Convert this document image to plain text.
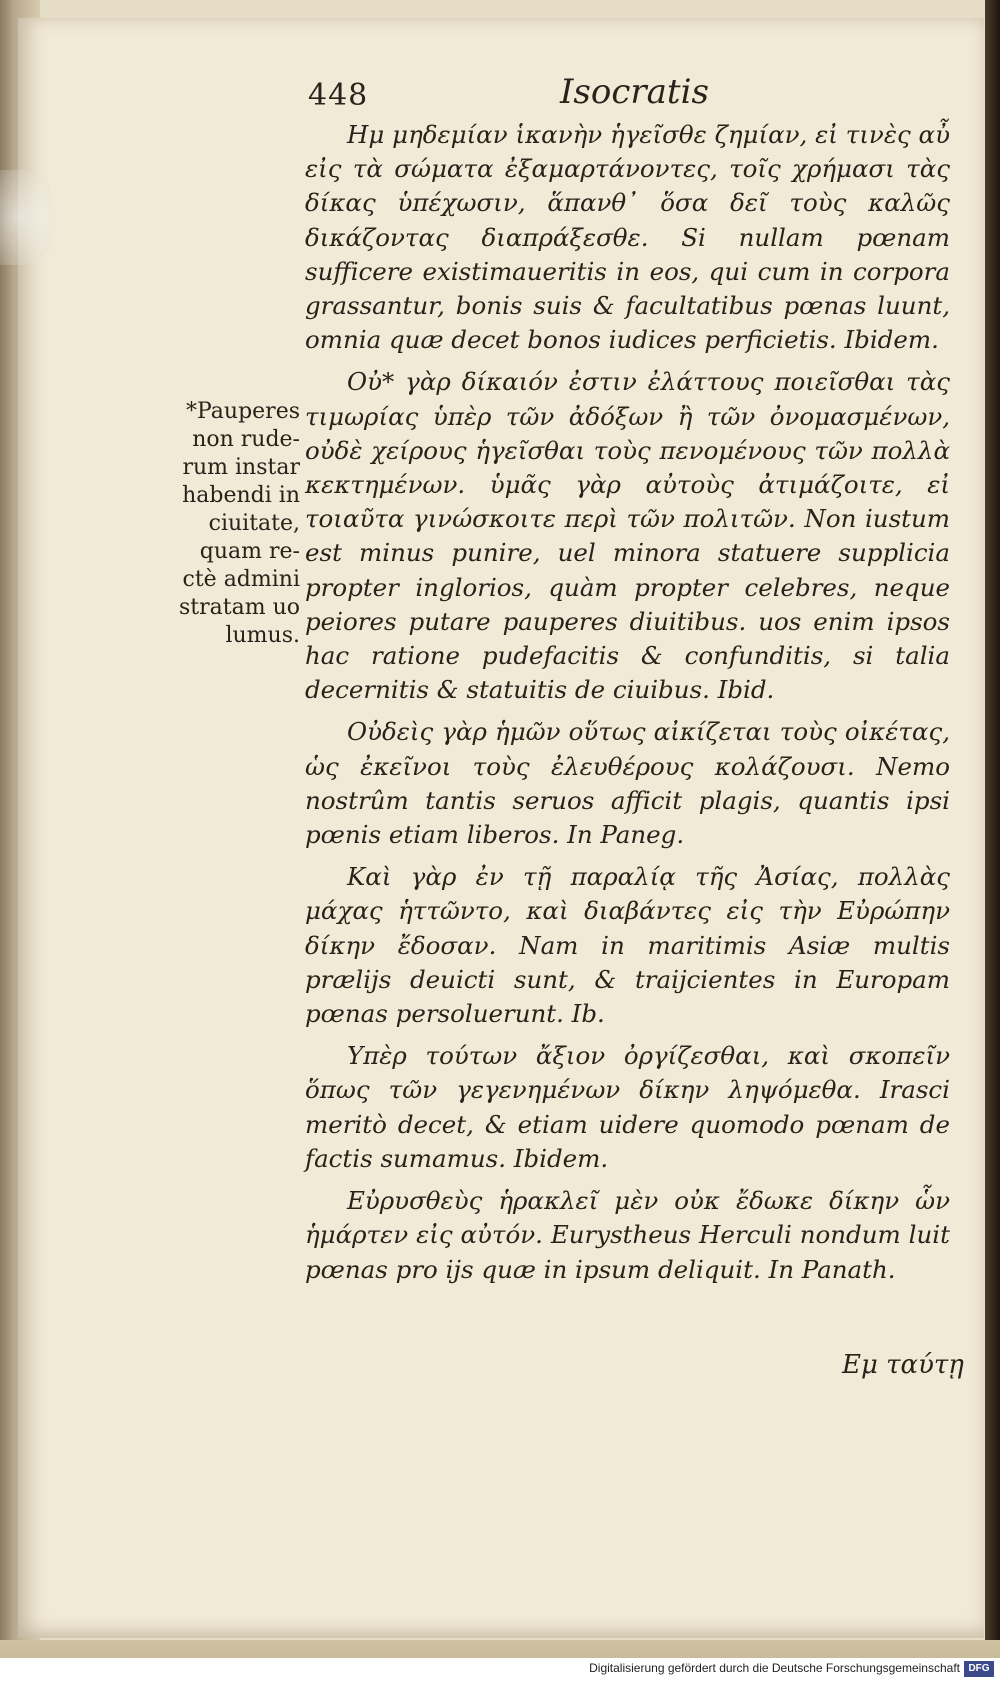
448	Isocratis
*Pauperes
non rude-
rum instar
habendi in
ciuitate,
quam re-
ctè admini
stratam uo
lumus.

Ημ μηδεμίαν ἱκανὴν ἡγεῖσθε ζημίαν, εἰ τινὲς αὖ εἰς τὰ σώματα ἐξαμαρτάνοντες, τοῖς χρήμασι τὰς δίκας ὑπέχωσιν, ἅπανθ᾽ ὅσα δεῖ τοὺς καλῶς δικάζοντας διαπράξεσθε. Si nullam pœnam sufficere existimaueritis in eos, qui cum in corpora grassantur, bonis suis & facultatibus pœnas luunt, omnia quæ decet bonos iudices perficietis. Ibidem.

Οὐ* γὰρ δίκαιόν ἐστιν ἐλάττους ποιεῖσθαι τὰς τιμωρίας ὑπὲρ τῶν ἀδόξων ἢ τῶν ὀνομασμένων, οὐδὲ χείρους ἡγεῖσθαι τοὺς πενομένους τῶν πολλὰ κεκτημένων. ὑμᾶς γὰρ αὐτοὺς ἀτιμάζοιτε, εἰ τοιαῦτα γινώσκοιτε περὶ τῶν πολιτῶν. Non iustum est minus punire, uel minora statuere supplicia propter inglorios, quàm propter celebres, neque peiores putare pauperes diuitibus. uos enim ipsos hac ratione pudefacitis & confunditis, si talia decernitis & statuitis de ciuibus. Ibid.

Οὐδεὶς γὰρ ἡμῶν οὕτως αἰκίζεται τοὺς οἰκέτας, ὡς ἐκεῖνοι τοὺς ἐλευθέρους κολάζουσι. Nemo nostrûm tantis seruos afficit plagis, quantis ipsi pœnis etiam liberos. In Paneg.

Καὶ γὰρ ἐν τῇ παραλίᾳ τῆς Ἀσίας, πολλὰς μάχας ἡττῶντο, καὶ διαβάντες εἰς τὴν Εὐρώπην δίκην ἔδοσαν. Nam in maritimis Asiæ multis prælijs deuicti sunt, & traijcientes in Europam pœnas persoluerunt. Ib.

Υπὲρ τούτων ἄξιον ὀργίζεσθαι, καὶ σκοπεῖν ὅπως τῶν γεγενημένων δίκην ληψόμεθα. Irasci meritò decet, & etiam uidere quomodo pœnam de factis sumamus. Ibidem.

Εὐρυσθεὺς ἡρακλεῖ μὲν οὐκ ἔδωκε δίκην ὧν ἡμάρτεν εἰς αὐτόν. Eurystheus Herculi nondum luit pœnas pro ijs quæ in ipsum deliquit. In Panath.

Εμ ταύτῃ
Digitalisierung gefördert durch die Deutsche Forschungsgemeinschaft DFG
